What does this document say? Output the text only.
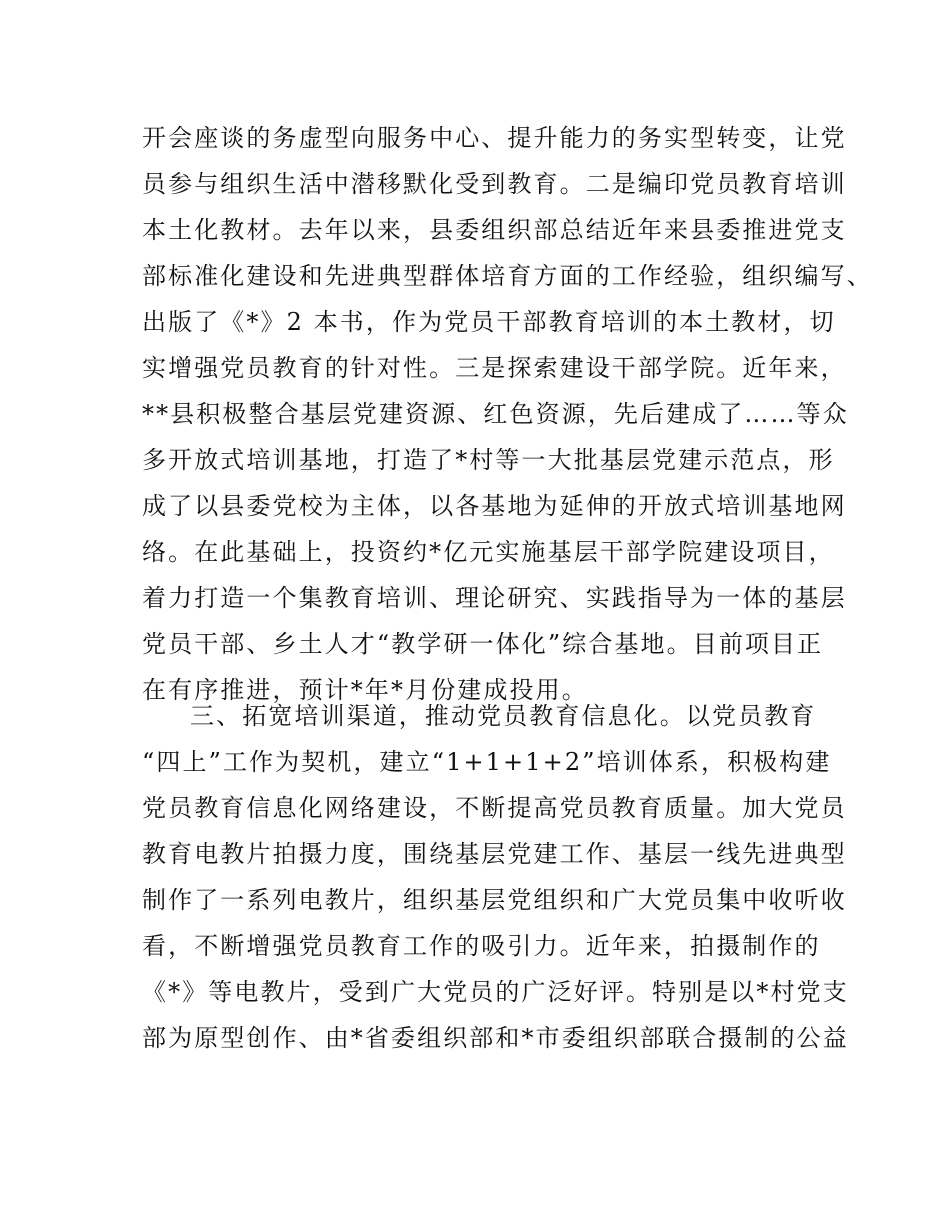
开会座谈的务虚型向服务中心、提升能力的务实型转变，让党
员参与组织生活中潜移默化受到教育。二是编印党员教育培训
本土化教材。去年以来，县委组织部总结近年来县委推进党支
部标准化建设和先进典型群体培育方面的工作经验，组织编写、
出版了《*》2 本书，作为党员干部教育培训的本土教材，切
实增强党员教育的针对性。三是探索建设干部学院。近年来，
**县积极整合基层党建资源、红色资源，先后建成了……等众
多开放式培训基地，打造了*村等一大批基层党建示范点，形
成了以县委党校为主体，以各基地为延伸的开放式培训基地网
络。在此基础上，投资约*亿元实施基层干部学院建设项目，
着力打造一个集教育培训、理论研究、实践指导为一体的基层
党员干部、乡土人才“教学研一体化”综合基地。目前项目正
在有序推进，预计*年*月份建成投用。
三、拓宽培训渠道，推动党员教育信息化。以党员教育
“四上”工作为契机，建立“1+1+1+2”培训体系，积极构建
党员教育信息化网络建设，不断提高党员教育质量。加大党员
教育电教片拍摄力度，围绕基层党建工作、基层一线先进典型
制作了一系列电教片，组织基层党组织和广大党员集中收听收
看，不断增强党员教育工作的吸引力。近年来，拍摄制作的
《*》等电教片，受到广大党员的广泛好评。特别是以*村党支
部为原型创作、由*省委组织部和*市委组织部联合摄制的公益
